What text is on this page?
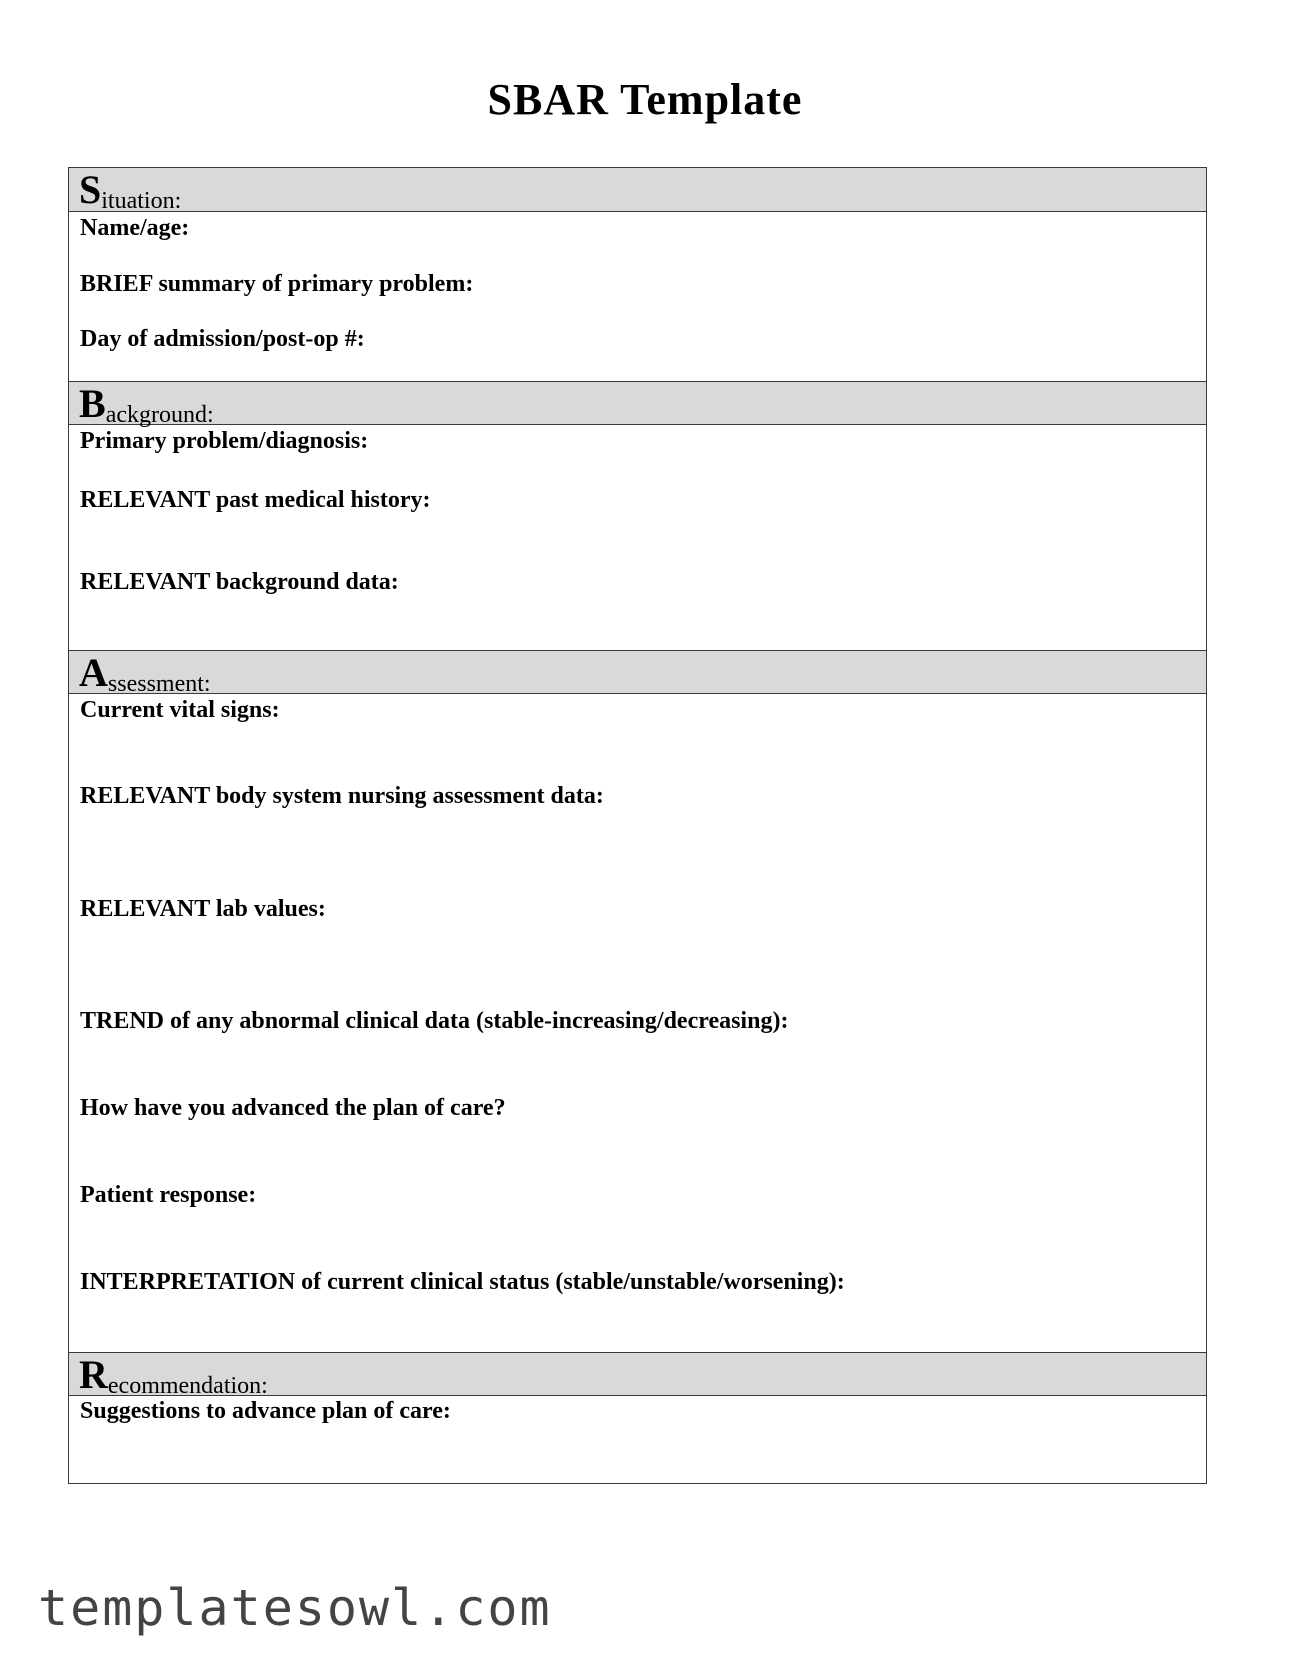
SBAR Template
Situation:
Name/age:
BRIEF summary of primary problem:
Day of admission/post-op #:
Background:
Primary problem/diagnosis:
RELEVANT past medical history:
RELEVANT background data:
Assessment:
Current vital signs:
RELEVANT body system nursing assessment data:
RELEVANT lab values:
TREND of any abnormal clinical data (stable-increasing/decreasing):
How have you advanced the plan of care?
Patient response:
INTERPRETATION of current clinical status (stable/unstable/worsening):
Recommendation:
Suggestions to advance plan of care:
templatesowl.com
